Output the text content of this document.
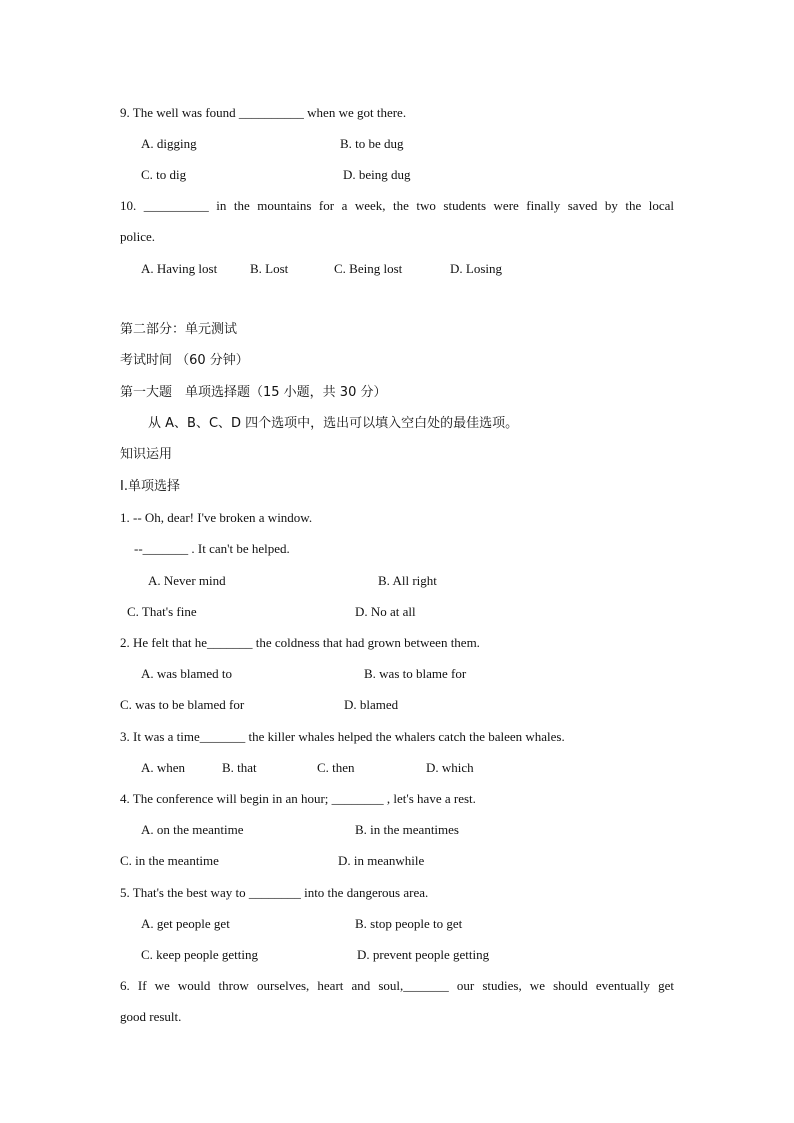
9. The well was found __________ when we got there.
A. digging	B. to be dug
C. to dig	D. being dug
10. __________ in the mountains for a week, the two students were finally saved by the local
police.
A. Having lost	B. Lost	C. Being lost	D. Losing
第二部分：单元测试
考试时间 （60 分钟）
第一大题　单项选择题（15 小题，共 30 分）
从 A、B、C、D 四个选项中，选出可以填入空白处的最佳选项。
知识运用
I.单项选择
1. -- Oh, dear! I've broken a window.
--_______ . It can't be helped.
A. Never mind	B. All right
C. That's fine	D. No at all
2. He felt that he_______ the coldness that had grown between them.
A. was blamed to	B. was to blame for
C. was to be blamed for	D. blamed
3. It was a time_______ the killer whales helped the whalers catch the baleen whales.
A. when	B. that	C. then	D. which
4. The conference will begin in an hour; ________ , let's have a rest.
A. on the meantime	B. in the meantimes
C. in the meantime	D. in meanwhile
5. That's the best way to ________ into the dangerous area.
A. get people get	B. stop people to get
C. keep people getting	D. prevent people getting
6. If we would throw ourselves, heart and soul,_______ our studies, we should eventually get
good result.
